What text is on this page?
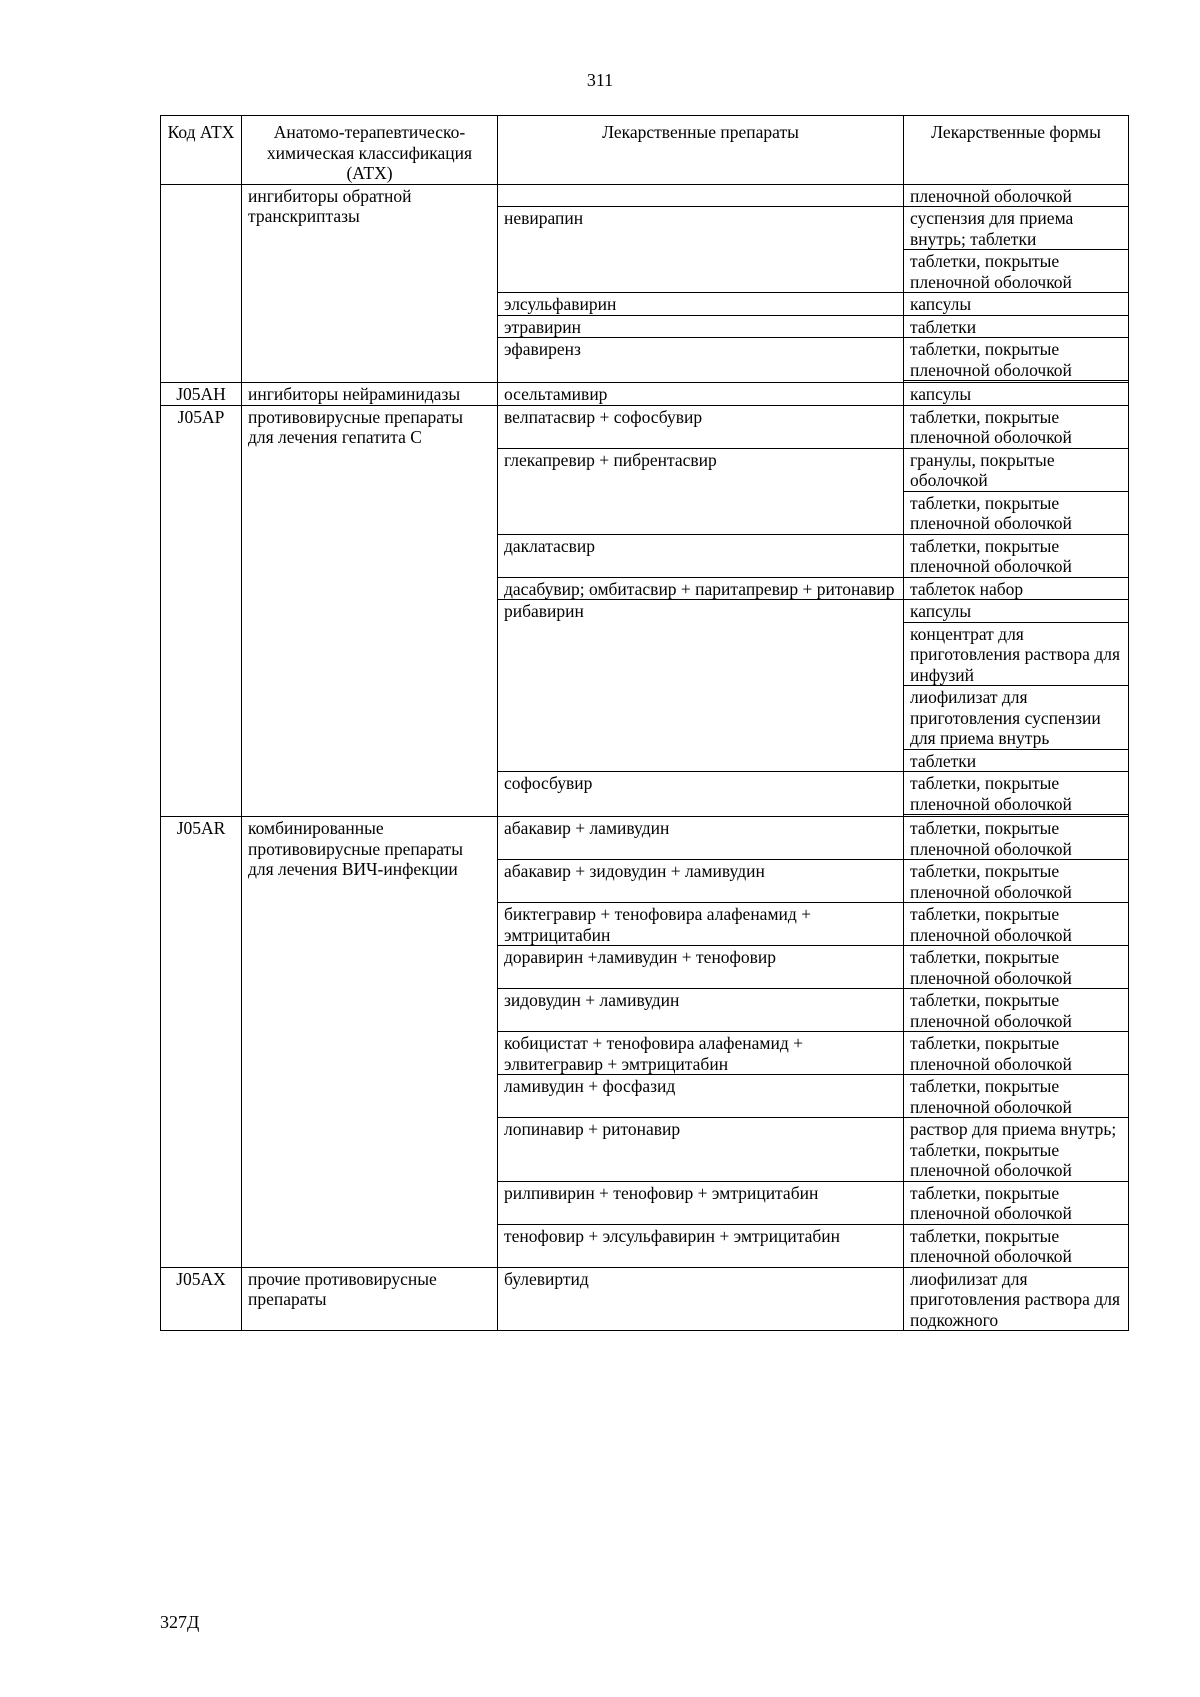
311
Код АТХ	Анатомо-терапевтическо-химическая классификация (АТХ)	Лекарственные препараты	Лекарственные формы
	ингибиторы обратной транскриптазы		пленочной оболочкой
		невирапин	суспензия для приема внутрь; таблетки
			таблетки, покрытые пленочной оболочкой
		элсульфавирин	капсулы
		этравирин	таблетки
		эфавиренз	таблетки, покрытые пленочной оболочкой

J05AH	ингибиторы нейраминидазы	осельтамивир	капсулы
J05AP	противовирусные препараты для лечения гепатита С	велпатасвир + софосбувир	таблетки, покрытые пленочной оболочкой
		глекапревир + пибрентасвир	гранулы, покрытые оболочкой
			таблетки, покрытые пленочной оболочкой
		даклатасвир	таблетки, покрытые пленочной оболочкой
		дасабувир; омбитасвир + паритапревир + ритонавир	таблеток набор
		рибавирин	капсулы
			концентрат для приготовления раствора для инфузий
			лиофилизат для приготовления суспензии для приема внутрь
			таблетки
		софосбувир	таблетки, покрытые пленочной оболочкой

J05AR	комбинированные противовирусные препараты для лечения ВИЧ-инфекции	абакавир + ламивудин	таблетки, покрытые пленочной оболочкой
		абакавир + зидовудин + ламивудин	таблетки, покрытые пленочной оболочкой
		биктегравир + тенофовира алафенамид + эмтрицитабин	таблетки, покрытые пленочной оболочкой
		доравирин +ламивудин + тенофовир	таблетки, покрытые пленочной оболочкой
		зидовудин + ламивудин	таблетки, покрытые пленочной оболочкой
		кобицистат + тенофовира алафенамид + элвитегравир + эмтрицитабин	таблетки, покрытые пленочной оболочкой
		ламивудин + фосфазид	таблетки, покрытые пленочной оболочкой
		лопинавир + ритонавир	раствор для приема внутрь; таблетки, покрытые пленочной оболочкой
		рилпивирин + тенофовир + эмтрицитабин	таблетки, покрытые пленочной оболочкой
		тенофовир + элсульфавирин + эмтрицитабин	таблетки, покрытые пленочной оболочкой
J05AX	прочие противовирусные препараты	булевиртид	лиофилизат для приготовления раствора для подкожного
327Д
